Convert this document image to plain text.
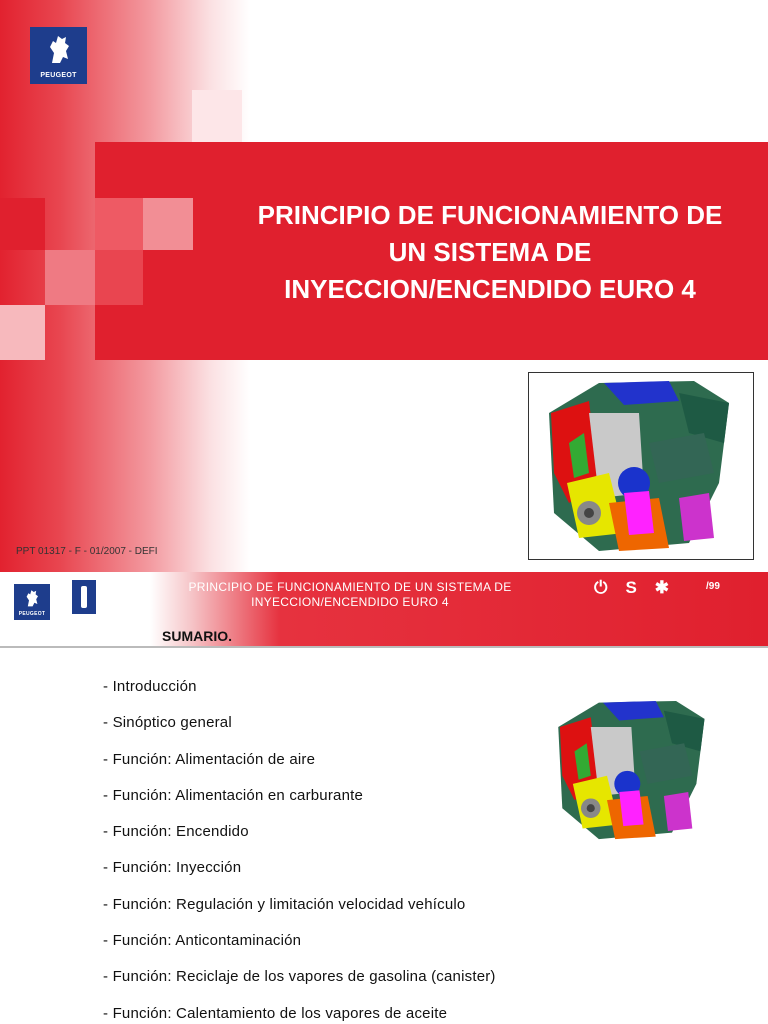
PRINCIPIO DE FUNCIONAMIENTO DE
UN SISTEMA DE
INYECCION/ENCENDIDO EURO 4
PEUGEOT
PPT 01317 - F - 01/2007 - DEFI
PEUGEOT
PRINCIPIO DE FUNCIONAMIENTO DE UN SISTEMA DE
INYECCION/ENCENDIDO EURO 4
⏻ S ✱	/99
SUMARIO.
- Introducción
- Sinóptico general
- Función: Alimentación de aire
- Función: Alimentación en carburante
- Función: Encendido
- Función: Inyección
- Función: Regulación y limitación velocidad vehículo
- Función: Anticontaminación
- Función: Reciclaje de los vapores de gasolina (canister)
- Función: Calentamiento de los vapores de aceite
